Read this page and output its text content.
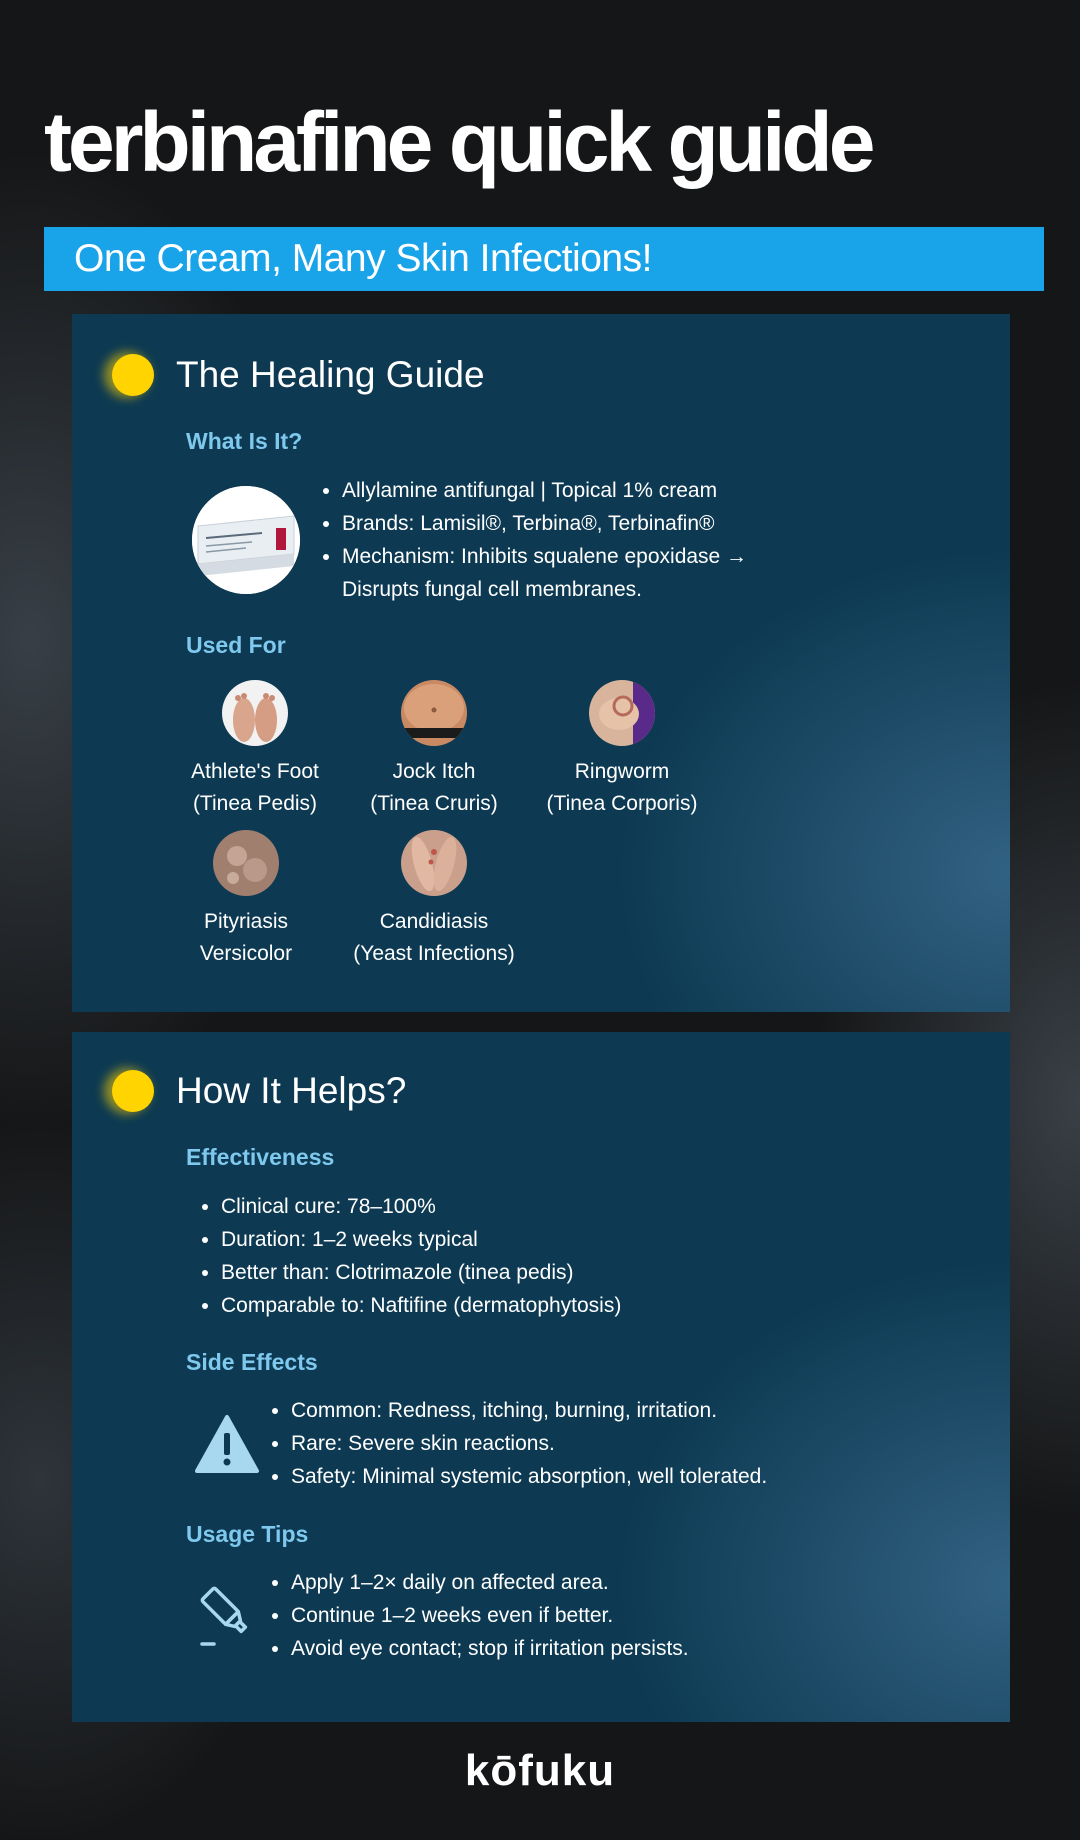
terbinafine quick guide
One Cream, Many Skin Infections!
The Healing Guide
What Is It?
Allylamine antifungal | Topical 1% cream
Brands: Lamisil®, Terbina®, Terbinafin®
Mechanism: Inhibits squalene epoxidase →
Disrupts fungal cell membranes.
Used For
Athlete's Foot
(Tinea Pedis)
Jock Itch
(Tinea Cruris)
Ringworm
(Tinea Corporis)
Pityriasis
Versicolor
Candidiasis
(Yeast Infections)
How It Helps?
Effectiveness
Clinical cure: 78–100%
Duration: 1–2 weeks typical
Better than: Clotrimazole (tinea pedis)
Comparable to: Naftifine (dermatophytosis)
Side Effects
Common: Redness, itching, burning, irritation.
Rare: Severe skin reactions.
Safety: Minimal systemic absorption, well tolerated.
Usage Tips
Apply 1–2× daily on affected area.
Continue 1–2 weeks even if better.
Avoid eye contact; stop if irritation persists.
kōfuku
